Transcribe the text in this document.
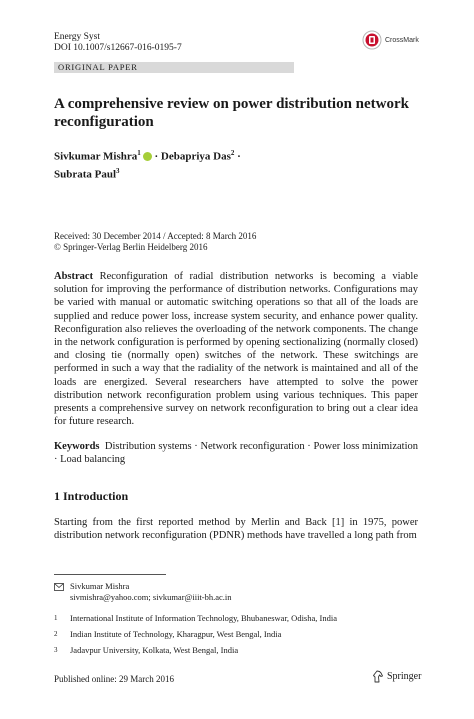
Energy Syst
DOI 10.1007/s12667-016-0195-7
CrossMark
ORIGINAL PAPER
A comprehensive review on power distribution network reconfiguration
Sivkumar Mishra$^1$ · Debapriya Das$^2$ ·
Subrata Paul$^3$
Received: 30 December 2014 / Accepted: 8 March 2016
© Springer-Verlag Berlin Heidelberg 2016
Abstract Reconfiguration of radial distribution networks is becoming a viable solution for improving the performance of distribution networks. Configurations may be varied with manual or automatic switching operations so that all of the loads are supplied and reduce power loss, increase system security, and enhance power quality. Reconfiguration also relieves the overloading of the network components. The change in the network configuration is performed by opening sectionalizing (normally closed) and closing tie (normally open) switches of the network. These switchings are performed in such a way that the radiality of the network is maintained and all of the loads are energized. Several researchers have attempted to solve the power distribution network reconfiguration problem using various techniques. This paper presents a comprehensive survey on network reconfiguration to bring out a clear idea for future research.
Keywords Distribution systems · Network reconfiguration · Power loss minimization · Load balancing
1 Introduction
Starting from the first reported method by Merlin and Back [1] in 1975, power distribution network reconfiguration (PDNR) methods have travelled a long path from
Sivkumar Mishra
sivmishra@yahoo.com; sivkumar@iiit-bh.ac.in
1	International Institute of Information Technology, Bhubaneswar, Odisha, India
2	Indian Institute of Technology, Kharagpur, West Bengal, India
3	Jadavpur University, Kolkata, West Bengal, India
Published online: 29 March 2016	Springer
